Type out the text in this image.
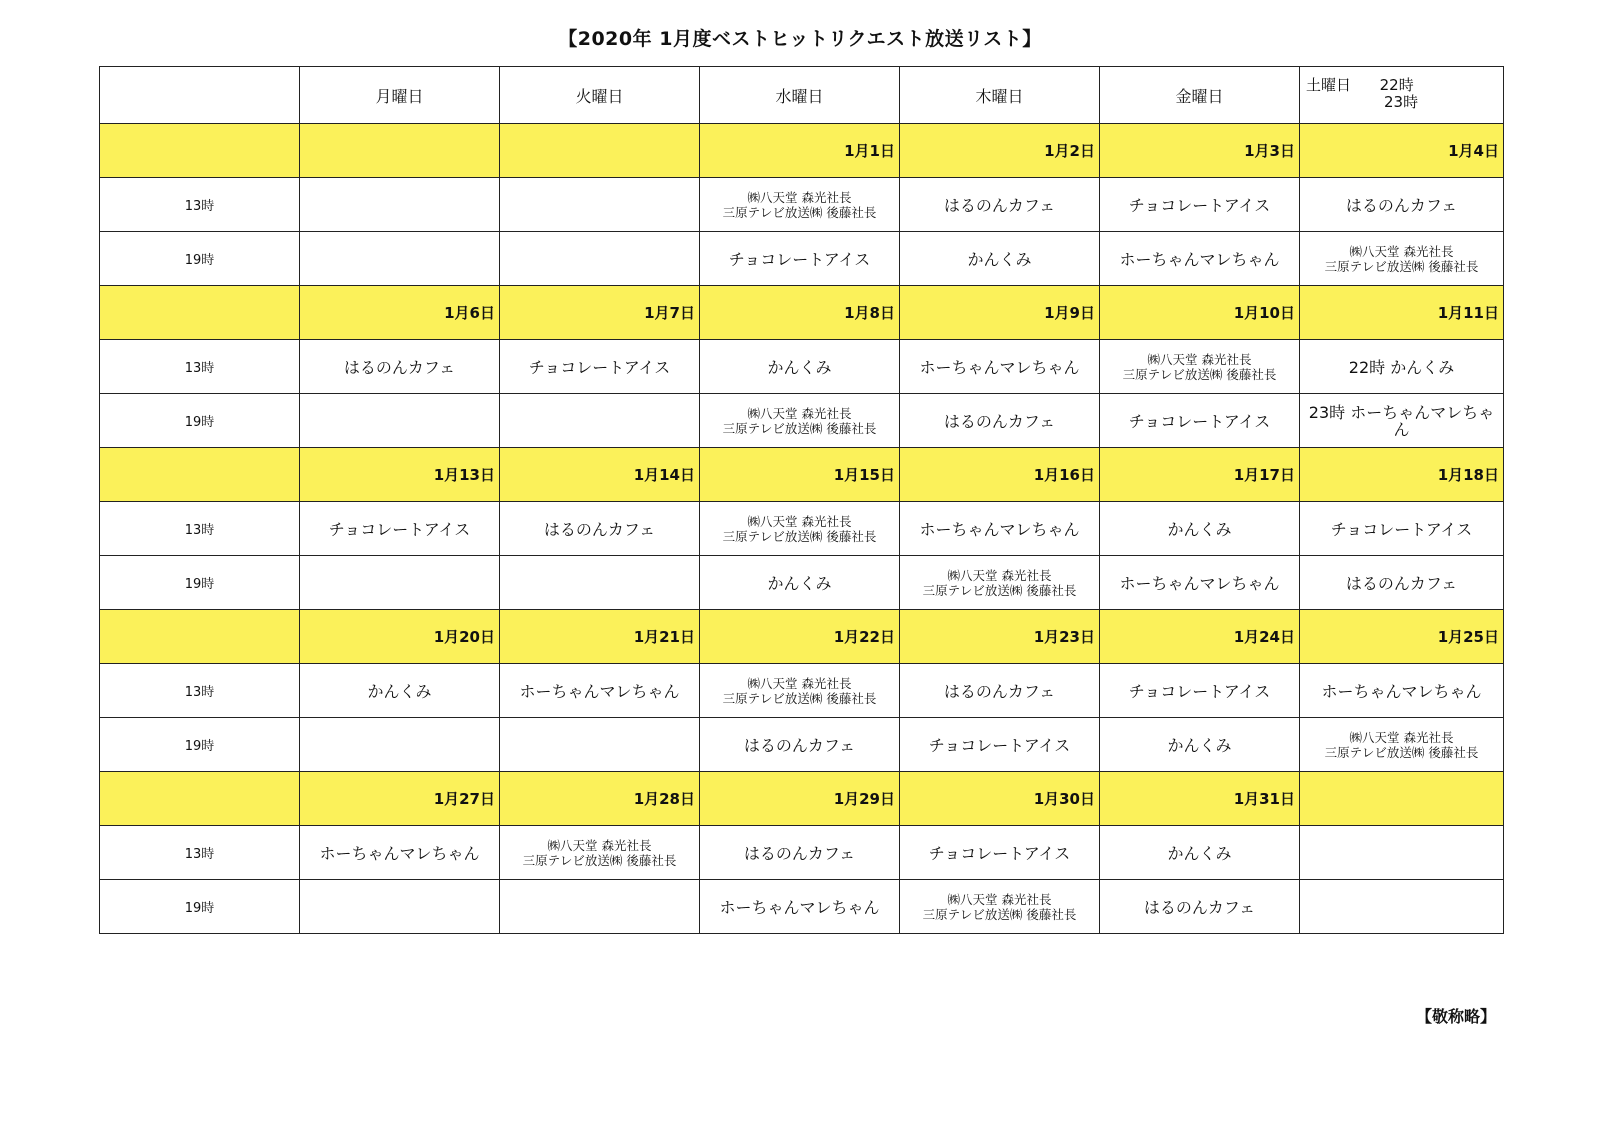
【2020年 1月度ベストヒットリクエスト放送リスト】
	月曜日	火曜日	水曜日	木曜日	金曜日	土曜日 22時
23時

			1月1日	1月2日	1月3日	1月4日
13時			㈱八天堂 森光社長
三原テレビ放送㈱ 後藤社長	はるのんカフェ	チョコレートアイス	はるのんカフェ
19時			チョコレートアイス	かんくみ	ホーちゃんマレちゃん	㈱八天堂 森光社長
三原テレビ放送㈱ 後藤社長

	1月6日	1月7日	1月8日	1月9日	1月10日	1月11日
13時	はるのんカフェ	チョコレートアイス	かんくみ	ホーちゃんマレちゃん	㈱八天堂 森光社長
三原テレビ放送㈱ 後藤社長	22時 かんくみ
19時			㈱八天堂 森光社長
三原テレビ放送㈱ 後藤社長	はるのんカフェ	チョコレートアイス	23時 ホーちゃんマレちゃん
	1月13日	1月14日	1月15日	1月16日	1月17日	1月18日
13時	チョコレートアイス	はるのんカフェ	㈱八天堂 森光社長
三原テレビ放送㈱ 後藤社長	ホーちゃんマレちゃん	かんくみ	チョコレートアイス
19時			かんくみ	㈱八天堂 森光社長
三原テレビ放送㈱ 後藤社長	ホーちゃんマレちゃん	はるのんカフェ
	1月20日	1月21日	1月22日	1月23日	1月24日	1月25日
13時	かんくみ	ホーちゃんマレちゃん	㈱八天堂 森光社長
三原テレビ放送㈱ 後藤社長	はるのんカフェ	チョコレートアイス	ホーちゃんマレちゃん
19時			はるのんカフェ	チョコレートアイス	かんくみ	㈱八天堂 森光社長
三原テレビ放送㈱ 後藤社長

	1月27日	1月28日	1月29日	1月30日	1月31日	
13時	ホーちゃんマレちゃん	㈱八天堂 森光社長
三原テレビ放送㈱ 後藤社長	はるのんカフェ	チョコレートアイス	かんくみ	
19時			ホーちゃんマレちゃん	㈱八天堂 森光社長
三原テレビ放送㈱ 後藤社長	はるのんカフェ	
【敬称略】
